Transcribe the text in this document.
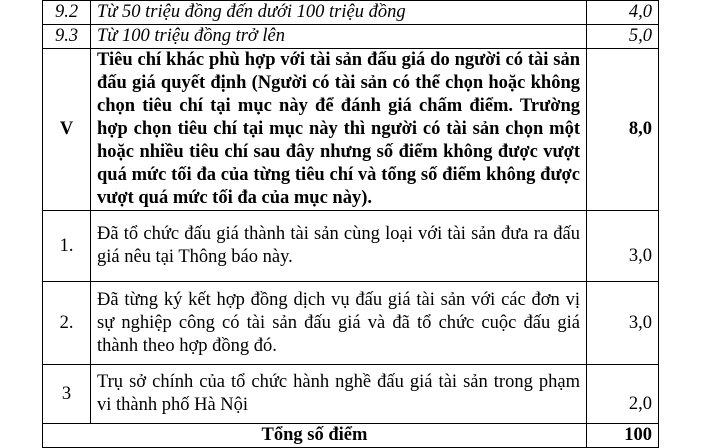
9.2	Từ 50 triệu đồng đến dưới 100 triệu đồng	4,0
9.3	Từ 100 triệu đồng trở lên	5,0
V	Tiêu chí khác phù hợp với tài sản đấu giá do người có tài sản đấu giá quyết định (Người có tài sản có thể chọn hoặc không chọn tiêu chí tại mục này để đánh giá chấm điểm. Trường hợp chọn tiêu chí tại mục này thì người có tài sản chọn một hoặc nhiều tiêu chí sau đây nhưng số điểm không được vượt quá mức tối đa của từng tiêu chí và tổng số điểm không được vượt quá mức tối đa của mục này).	8,0
1.	Đã tổ chức đấu giá thành tài sản cùng loại với tài sản đưa ra đấu giá nêu tại Thông báo này.	3,0

2.	Đã từng ký kết hợp đồng dịch vụ đấu giá tài sản với các đơn vị sự nghiệp công có tài sản đấu giá và đã tổ chức cuộc đấu giá thành theo hợp đồng đó.	3,0
3	Trụ sở chính của tổ chức hành nghề đấu giá tài sản trong phạm vi thành phố Hà Nội	2,0

Tổng số điểm		100
